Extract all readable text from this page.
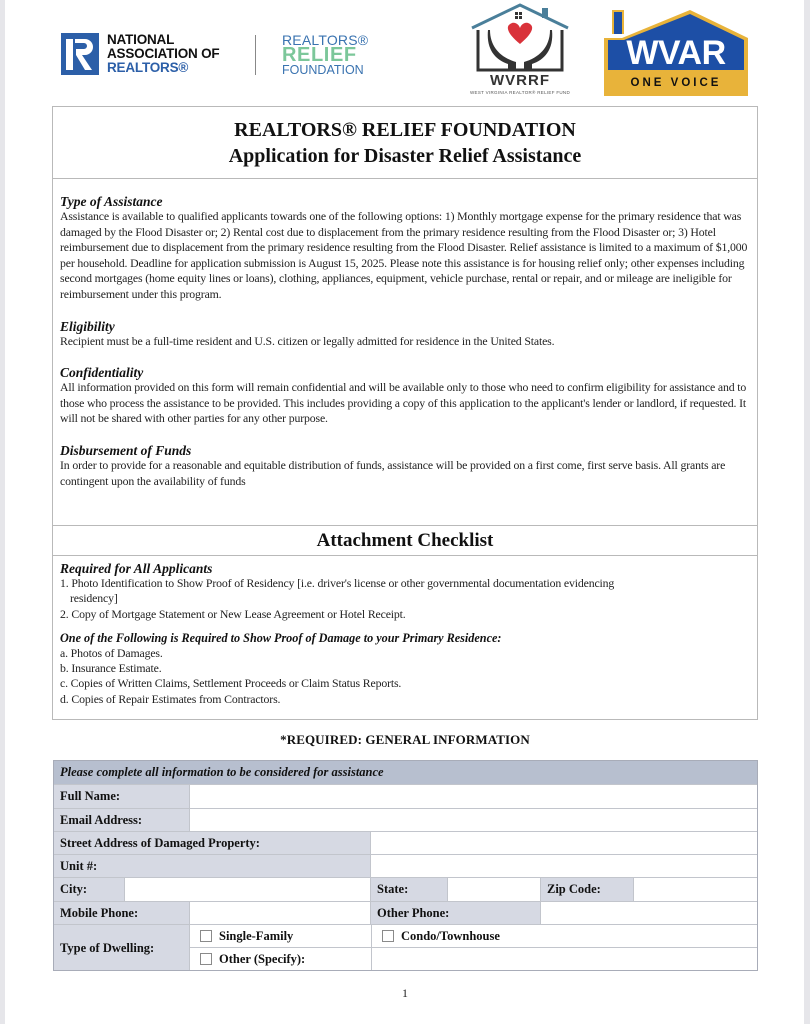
NATIONAL
ASSOCIATION OF
REALTORS®
REALTORS®
RELIEF
FOUNDATION
WVRRF
WEST VIRGINIA REALTOR® RELIEF FUND
WVAR
ONE VOICE
REALTORS® RELIEF FOUNDATION
Application for Disaster Relief Assistance
Type of Assistance
Assistance is available to qualified applicants towards one of the following options: 1) Monthly mortgage expense for the primary residence that was damaged by the Flood Disaster or; 2) Rental cost due to displacement from the primary residence resulting from the Flood Disaster or; 3) Hotel reimbursement due to displacement from the primary residence resulting from the Flood Disaster. Relief assistance is limited to a maximum of $1,000 per household. Deadline for application submission is August 15, 2025. Please note this assistance is for housing relief only; other expenses including second mortgages (home equity lines or loans), clothing, appliances, equipment, vehicle purchase, rental or repair, and or mileage are ineligible for reimbursement under this program.
Eligibility
Recipient must be a full-time resident and U.S. citizen or legally admitted for residence in the United States.
Confidentiality
All information provided on this form will remain confidential and will be available only to those who need to confirm eligibility for assistance and to those who process the assistance to be provided. This includes providing a copy of this application to the applicant's lender or landlord, if requested. It will not be shared with other parties for any other purpose.
Disbursement of Funds
In order to provide for a reasonable and equitable distribution of funds, assistance will be provided on a first come, first serve basis. All grants are contingent upon the availability of funds
Attachment Checklist
Required for All Applicants
1. Photo Identification to Show Proof of Residency [i.e. driver's license or other governmental documentation evidencing
residency]
2. Copy of Mortgage Statement or New Lease Agreement or Hotel Receipt.
One of the Following is Required to Show Proof of Damage to your Primary Residence:
a. Photos of Damages.
b. Insurance Estimate.
c. Copies of Written Claims, Settlement Proceeds or Claim Status Reports.
d. Copies of Repair Estimates from Contractors.
*REQUIRED: GENERAL INFORMATION
Please complete all information to be considered for assistance
Full Name:
Email Address:
Street Address of Damaged Property:
Unit #:
City:	State:	Zip Code:
Mobile Phone:	Other Phone:
Type of Dwelling:
Single-Family	Condo/Townhouse
Other (Specify):
1
